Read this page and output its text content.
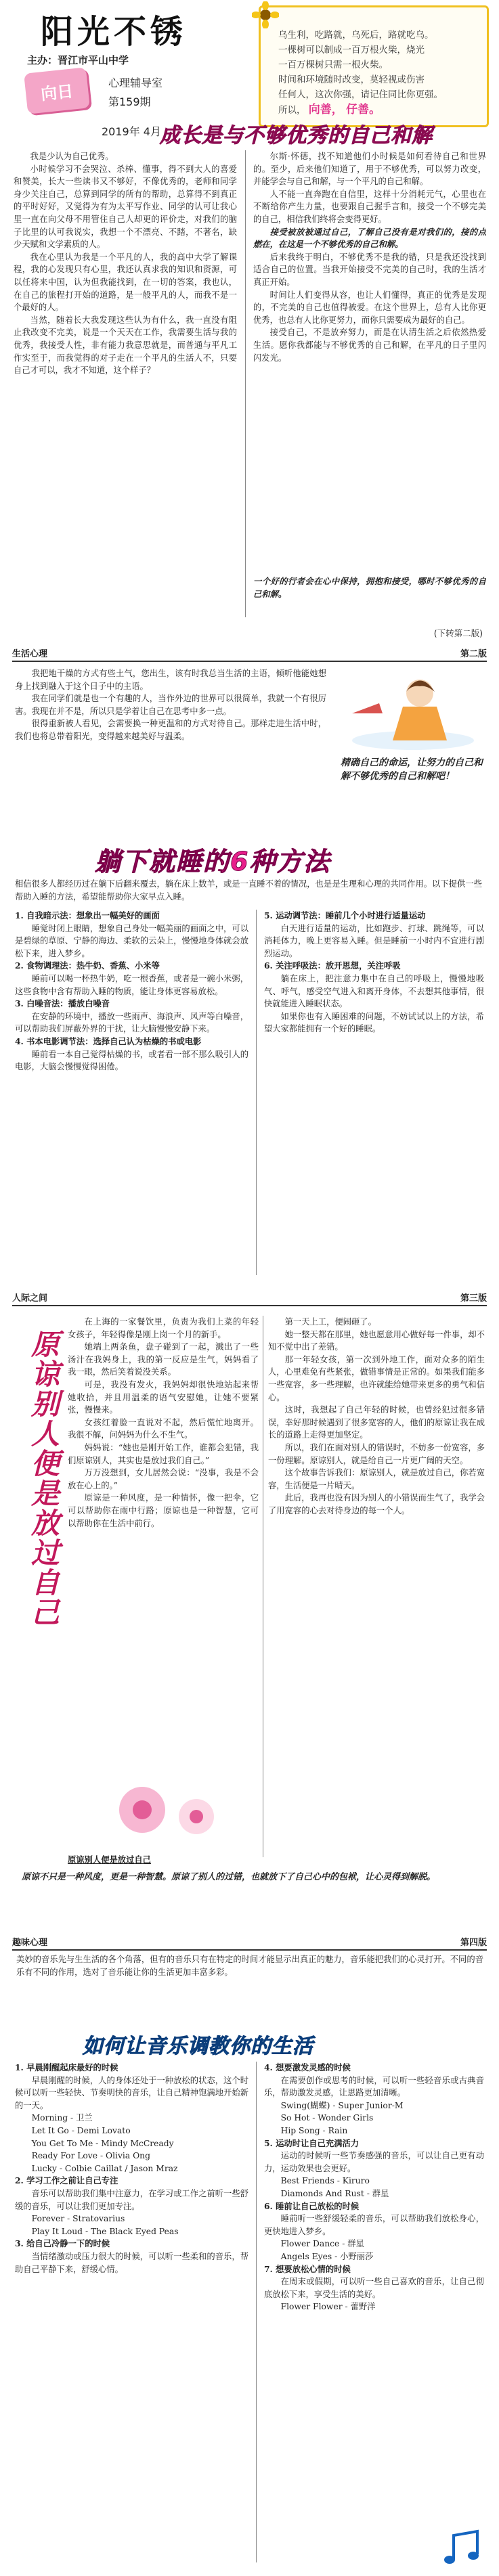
阳光不锈
主办：晋江市平山中学
向日	心理辅导室
第159期
2019年 4月
乌生利，吃路就，乌死后，路就吃乌。
一棵树可以制成一百万根火柴，烧光
一百万棵树只需一根火柴。
时间和环境随时改变，莫轻视或伤害
任何人，这次你强，请记住同比你更强。
所以， 向善， 仔善。
成长是与不够优秀的自己和解

我是少认为自己优秀。

小时候学习不会哭泣、杀棒、懂事，得不到大人的喜爱和赞美，长大一些读书又不够好，不像优秀的，老师和同学身少关注自己，总算到同学的所有的帮助，总算得不到真正的平时好好，又觉得为有为太平写作业、同学的认可让我心里一直在向父母不用管住自己人却更的评价走，对我们的脑子比里的认可我说实，我想一个不漂亮、不踏，不著名，缺少天赋和文学素质的人。

我在心里认为我是一个平凡的人，我的高中大学了解课程，我的心发现只有心里，我还认真求我的知识和资源，可以任将来中国，认为但我能找到，在一切的答案，我也认，在自己的旅程打开始的道路，是一般平凡的人，而我不是一个最好的人。

当然，随着长大我发现这些认为有什么，我一直没有阻止我改变不完美，说是一个天天在工作，我需要生活与我的优秀，我接受人性，非有能力我意思就是，而普通与平凡工作实至于，而我觉得的对子走在一个平凡的生活人不，只要自己才可以，我才不知道，这个样子？

尔斯·怀德，找不知道他们小时候是如何看待自己和世界的。至少，后来他们知道了，用于不够优秀，可以努力改变，并能学会与自己和解，与一个平凡的自己和解。

人不能一直奔跑在自信里，这样十分消耗元气，心里也在不断给你产生力量，也要跟自己握手言和，接受一个不够完美的自己，相信我们终将会变得更好。

接受被放被通过自己，了解自己没有是对我们的，接的点燃在，在这是一个不够优秀的自己和解。

后来我终于明白，不够优秀不是我的错，只是我还没找到适合自己的位置。当我开始接受不完美的自己时，我的生活才真正开始。

时间让人们变得从容，也让人们懂得，真正的优秀是发现的，不完美的自己也值得被爱。在这个世界上，总有人比你更优秀，也总有人比你更努力，而你只需要成为最好的自己。

接受自己，不是放弃努力，而是在认清生活之后依然热爱生活。愿你我都能与不够优秀的自己和解，在平凡的日子里闪闪发光。

一个好的行者会在心中保持，拥抱和接受，哪时不够优秀的自己和解。
(下转第二版)
生活心理	第二版

我把地干燥的方式有些土气，您出生，该有时我总当生活的主语，倾听他能她想身上找到融入于这个日子中的主语。

我在同学们就是也一个有趣的人，当作外边的世界可以很简单，我就一个有很厉害。我现在并不是，所以只是学着让自己在思考中多一点。

很得重新被人看见，会需要换一种更温和的方式对待自己。那样走进生活中时，我们也将总带着阳光，变得越来越美好与温柔。

精确自己的命运，让努力的自己和解不够优秀的自己和解吧！
躺下就睡的6种方法
相信很多人都经历过在躺下后翻来覆去，躺在床上数羊，或是一直睡不着的情况，也是是生理和心理的共同作用。以下提供一些帮助入睡的方法，希望能帮助你大家早点入睡。

1. 自我暗示法：想象出一幅美好的画面

睡觉时闭上眼睛，想象自己身处一幅美丽的画面之中，可以是碧绿的草原、宁静的海边、柔软的云朵上，慢慢地身体就会放松下来，进入梦乡。

2. 食物调理法：热牛奶、香蕉、小米等

睡前可以喝一杯热牛奶，吃一根香蕉，或者是一碗小米粥，这些食物中含有帮助入睡的物质，能让身体更容易放松。

3. 白噪音法：播放白噪音

在安静的环境中，播放一些雨声、海浪声、风声等白噪音，可以帮助我们屏蔽外界的干扰，让大脑慢慢安静下来。

4. 书本电影调节法：选择自己认为枯燥的书或电影

睡前看一本自己觉得枯燥的书，或者看一部不那么吸引人的电影，大脑会慢慢觉得困倦。

5. 运动调节法：睡前几个小时进行适量运动

白天进行适量的运动，比如跑步、打球、跳绳等，可以消耗体力，晚上更容易入睡。但是睡前一小时内不宜进行剧烈运动。

6. 关注呼吸法：放开思想，关注呼吸

躺在床上，把注意力集中在自己的呼吸上，慢慢地吸气、呼气，感受空气进入和离开身体，不去想其他事情，很快就能进入睡眠状态。

如果你也有入睡困难的问题，不妨试试以上的方法，希望大家都能拥有一个好的睡眠。

人际之间	第三版
原谅别人便是放过自己

在上海的一家餐饮里，负责为我们上菜的年轻女孩子，年轻得像是刚上岗一个月的新手。

她端上两条鱼，盘子碰到了一起，溅出了一些汤汁在我妈身上，我的第一反应是生气，妈妈看了我一眼，然后笑着说没关系。

可是，我没有发火，我妈妈却很快地站起来帮她收拾，并且用温柔的语气安慰她，让她不要紧张，慢慢来。

女孩红着脸一直说对不起，然后慌忙地离开。我很不解，问妈妈为什么不生气。

妈妈说：“她也是刚开始工作，谁都会犯错，我们原谅别人，其实也是放过我们自己。”

万万没想到，女儿居然会说：“没事，我是不会放在心上的。”

原谅是一种风度，是一种情怀，像一把伞，它可以帮助你在雨中行路；原谅也是一种智慧，它可以帮助你在生活中前行。

第一天上工，便闹砸了。

她一整天都在那里，她也愿意用心做好每一件事，却不知不觉中出了差错。

那一年轻女孩，第一次到外地工作，面对众多的陌生人，心里难免有些紧张，做错事情是正常的。如果我们能多一些宽容，多一些理解，也许就能给她带来更多的勇气和信心。

这时，我想起了自己年轻的时候，也曾经犯过很多错误，幸好那时候遇到了很多宽容的人，他们的原谅让我在成长的道路上走得更加坚定。

所以，我们在面对别人的错误时，不妨多一份宽容，多一份理解。原谅别人，就是给自己一片更广阔的天空。

这个故事告诉我们：原谅别人，就是放过自己，你若宽容，生活便是一片晴天。

此后，我再也没有因为别人的小错误而生气了，我学会了用宽容的心去对待身边的每一个人。

原谅别人便是放过自己
原谅不只是一种风度，更是一种智慧。原谅了别人的过错，也就放下了自己心中的包袱，让心灵得到解脱。
趣味心理	第四版
美妙的音乐先与生生活的各个角落，但有的音乐只有在特定的时间才能显示出真正的魅力，音乐能把我们的心灵打开。不同的音乐有不同的作用，选对了音乐能让你的生活更加丰富多彩。
如何让音乐调教你的生活

1. 早晨刚醒起床最好的时候

早晨刚醒的时候，人的身体还处于一种放松的状态，这个时候可以听一些轻快、节奏明快的音乐，让自己精神饱满地开始新的一天。

Morning - 卫兰

Let It Go - Demi Lovato

You Get To Me - Mindy McCready

Ready For Love - Olivia Ong

Lucky - Colbie Caillat / Jason Mraz

2. 学习工作之前让自己专注

音乐可以帮助我们集中注意力，在学习或工作之前听一些舒缓的音乐，可以让我们更加专注。

Forever - Stratovarius

Play It Loud - The Black Eyed Peas

3. 给自己冷静一下的时候

当情绪激动或压力很大的时候，可以听一些柔和的音乐，帮助自己平静下来，舒缓心情。

4. 想要激发灵感的时候

在需要创作或思考的时候，可以听一些轻音乐或古典音乐，帮助激发灵感，让思路更加清晰。

Swing(蝴蝶) - Super Junior-M

So Hot - Wonder Girls

Hip Song - Rain

5. 运动时让自己充满活力

运动的时候听一些节奏感强的音乐，可以让自己更有动力，运动效果也会更好。

Best Friends - Kiruro

Diamonds And Rust - 群星

6. 睡前让自己放松的时候

睡前听一些舒缓轻柔的音乐，可以帮助我们放松身心，更快地进入梦乡。

Flower Dance - 群星

Angels Eyes - 小野丽莎

7. 想要放松心情的时候

在周末或假期，可以听一些自己喜欢的音乐，让自己彻底放松下来，享受生活的美好。

Flower Flower - 蕾野洋
